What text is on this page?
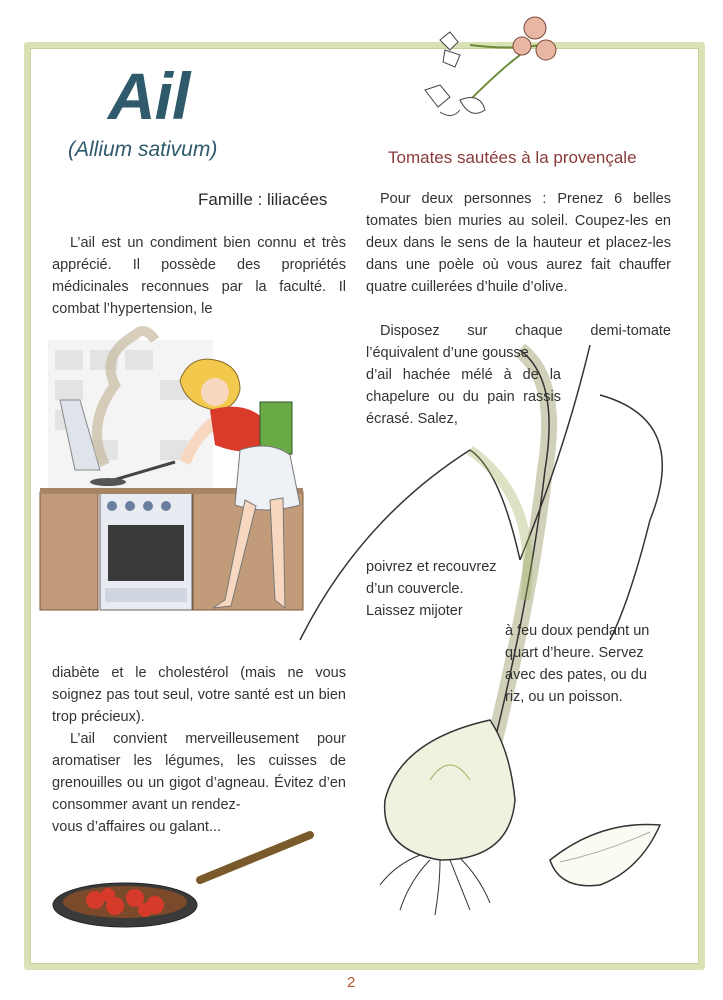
Ail
(Allium sativum)	Tomates sautées à la provençale
Famille : liliacées

L’ail est un condiment bien connu et très apprécié. Il possède des propriétés médicinales reconnues par la faculté. Il combat l’hypertension, le

diabète et le cholestérol (mais ne vous soignez pas tout seul, votre santé est un bien trop précieux).

L’ail convient merveilleusement pour aromatiser les légumes, les cuisses de grenouilles ou un gigot d’agneau. Évitez d’en consommer avant un rendez-

vous d’affaires ou galant...

Pour deux personnes : Prenez 6 belles tomates bien muries au soleil. Coupez-les en deux dans le sens de la hauteur et placez-les dans une poèle où vous aurez fait chauffer quatre cuillerées d’huile d’olive.

Disposez sur chaque demi-tomate l’équivalent d’une gousse

d’ail hachée mélé à de la chapelure ou du pain rassis écrasé. Salez,

poivrez et recouvrez d’un couvercle. Laissez mijoter

à feu doux pendant un quart d’heure. Servez avec des pates, ou du riz, ou un poisson.

2
